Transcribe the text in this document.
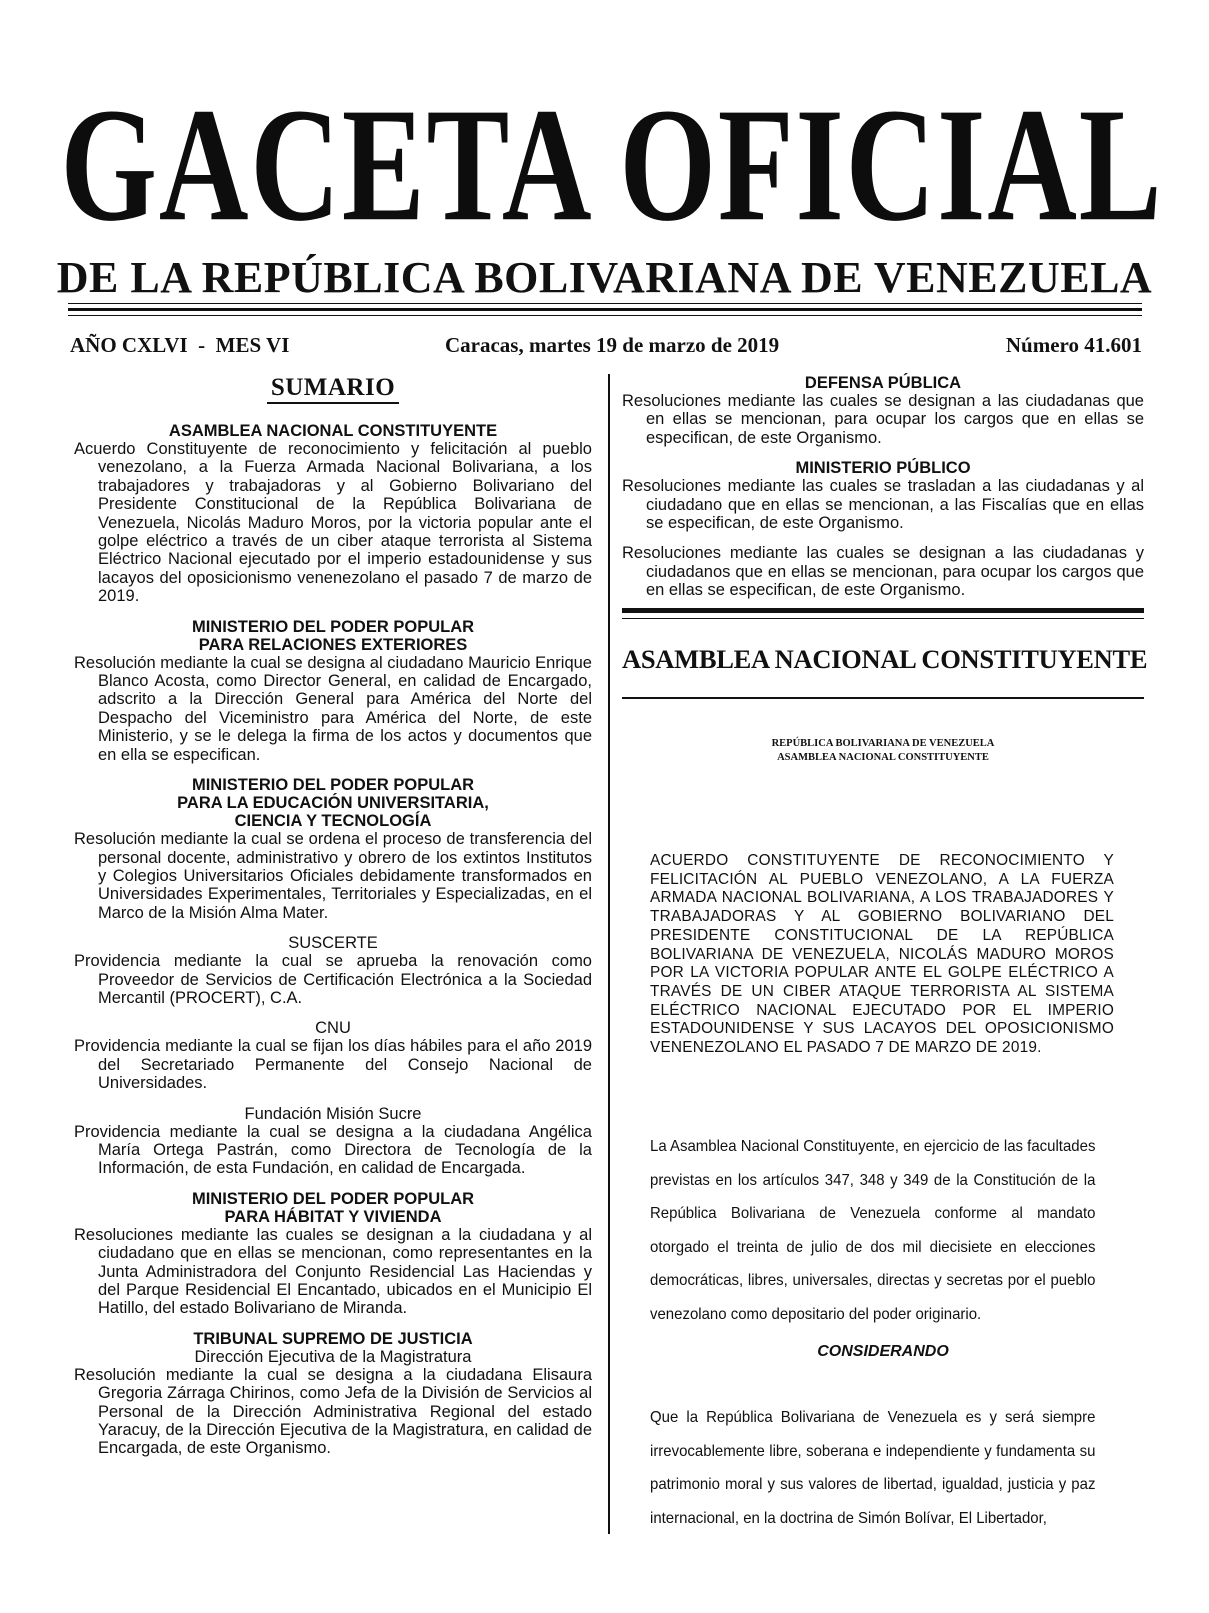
GACETA OFICIAL
DE LA REPÚBLICA BOLIVARIANA DE VENEZUELA
AÑO CXLVI  -  MES VI	Caracas, martes 19 de marzo de 2019	Número 41.601
SUMARIO
ASAMBLEA NACIONAL CONSTITUYENTE

Acuerdo Constituyente de reconocimiento y felicitación al pueblo venezolano, a la Fuerza Armada Nacional Bolivariana, a los trabajadores y trabajadoras y al Gobierno Bolivariano del Presidente Constitucional de la República Bolivariana de Venezuela, Nicolás Maduro Moros, por la victoria popular ante el golpe eléctrico a través de un ciber ataque terrorista al Sistema Eléctrico Nacional ejecutado por el imperio estadounidense y sus lacayos del oposicionismo venenezolano el pasado 7 de marzo de 2019.

MINISTERIO DEL PODER POPULAR
PARA RELACIONES EXTERIORES

Resolución mediante la cual se designa al ciudadano Mauricio Enrique Blanco Acosta, como Director General, en calidad de Encargado, adscrito a la Dirección General para América del Norte del Despacho del Viceministro para América del Norte, de este Ministerio, y se le delega la firma de los actos y documentos que en ella se especifican.

MINISTERIO DEL PODER POPULAR
PARA LA EDUCACIÓN UNIVERSITARIA,
CIENCIA Y TECNOLOGÍA

Resolución mediante la cual se ordena el proceso de transferencia del personal docente, administrativo y obrero de los extintos Institutos y Colegios Universitarios Oficiales debidamente transformados en Universidades Experimentales, Territoriales y Especializadas, en el Marco de la Misión Alma Mater.

SUSCERTE

Providencia mediante la cual se aprueba la renovación como Proveedor de Servicios de Certificación Electrónica a la Sociedad Mercantil (PROCERT), C.A.

CNU

Providencia mediante la cual se fijan los días hábiles para el año 2019 del Secretariado Permanente del Consejo Nacional de Universidades.

Fundación Misión Sucre

Providencia mediante la cual se designa a la ciudadana Angélica María Ortega Pastrán, como Directora de Tecnología de la Información, de esta Fundación, en calidad de Encargada.

MINISTERIO DEL PODER POPULAR
PARA HÁBITAT Y VIVIENDA

Resoluciones mediante las cuales se designan a la ciudadana y al ciudadano que en ellas se mencionan, como representantes en la Junta Administradora del Conjunto Residencial Las Haciendas y del Parque Residencial El Encantado, ubicados en el Municipio El Hatillo, del estado Bolivariano de Miranda.

TRIBUNAL SUPREMO DE JUSTICIA
Dirección Ejecutiva de la Magistratura

Resolución mediante la cual se designa a la ciudadana Elisaura Gregoria Zárraga Chirinos, como Jefa de la División de Servicios al Personal de la Dirección Administrativa Regional del estado Yaracuy, de la Dirección Ejecutiva de la Magistratura, en calidad de Encargada, de este Organismo.

DEFENSA PÚBLICA

Resoluciones mediante las cuales se designan a las ciudadanas que en ellas se mencionan, para ocupar los cargos que en ellas se especifican, de este Organismo.

MINISTERIO PÚBLICO

Resoluciones mediante las cuales se trasladan a las ciudadanas y al ciudadano que en ellas se mencionan, a las Fiscalías que en ellas se especifican, de este Organismo.

Resoluciones mediante las cuales se designan a las ciudadanas y ciudadanos que en ellas se mencionan, para ocupar los cargos que en ellas se especifican, de este Organismo.

ASAMBLEA NACIONAL CONSTITUYENTE
REPÚBLICA BOLIVARIANA DE VENEZUELA
ASAMBLEA NACIONAL CONSTITUYENTE
ACUERDO CONSTITUYENTE DE RECONOCIMIENTO Y FELICITACIÓN AL PUEBLO VENEZOLANO, A LA FUERZA ARMADA NACIONAL BOLIVARIANA, A LOS TRABAJADORES Y TRABAJADORAS Y AL GOBIERNO BOLIVARIANO DEL PRESIDENTE CONSTITUCIONAL DE LA REPÚBLICA BOLIVARIANA DE VENEZUELA, NICOLÁS MADURO MOROS POR LA VICTORIA POPULAR ANTE EL GOLPE ELÉCTRICO A TRAVÉS DE UN CIBER ATAQUE TERRORISTA AL SISTEMA ELÉCTRICO NACIONAL EJECUTADO POR EL IMPERIO ESTADOUNIDENSE Y SUS LACAYOS DEL OPOSICIONISMO VENENEZOLANO EL PASADO 7 DE MARZO DE 2019.
La Asamblea Nacional Constituyente, en ejercicio de las facultades previstas en los artículos 347, 348 y 349 de la Constitución de la República Bolivariana de Venezuela conforme al mandato otorgado el treinta de julio de dos mil diecisiete en elecciones democráticas, libres, universales, directas y secretas por el pueblo venezolano como depositario del poder originario.
CONSIDERANDO
Que la República Bolivariana de Venezuela es y será siempre irrevocablemente libre, soberana e independiente y fundamenta su patrimonio moral y sus valores de libertad, igualdad, justicia y paz internacional, en la doctrina de Simón Bolívar, El Libertador,
